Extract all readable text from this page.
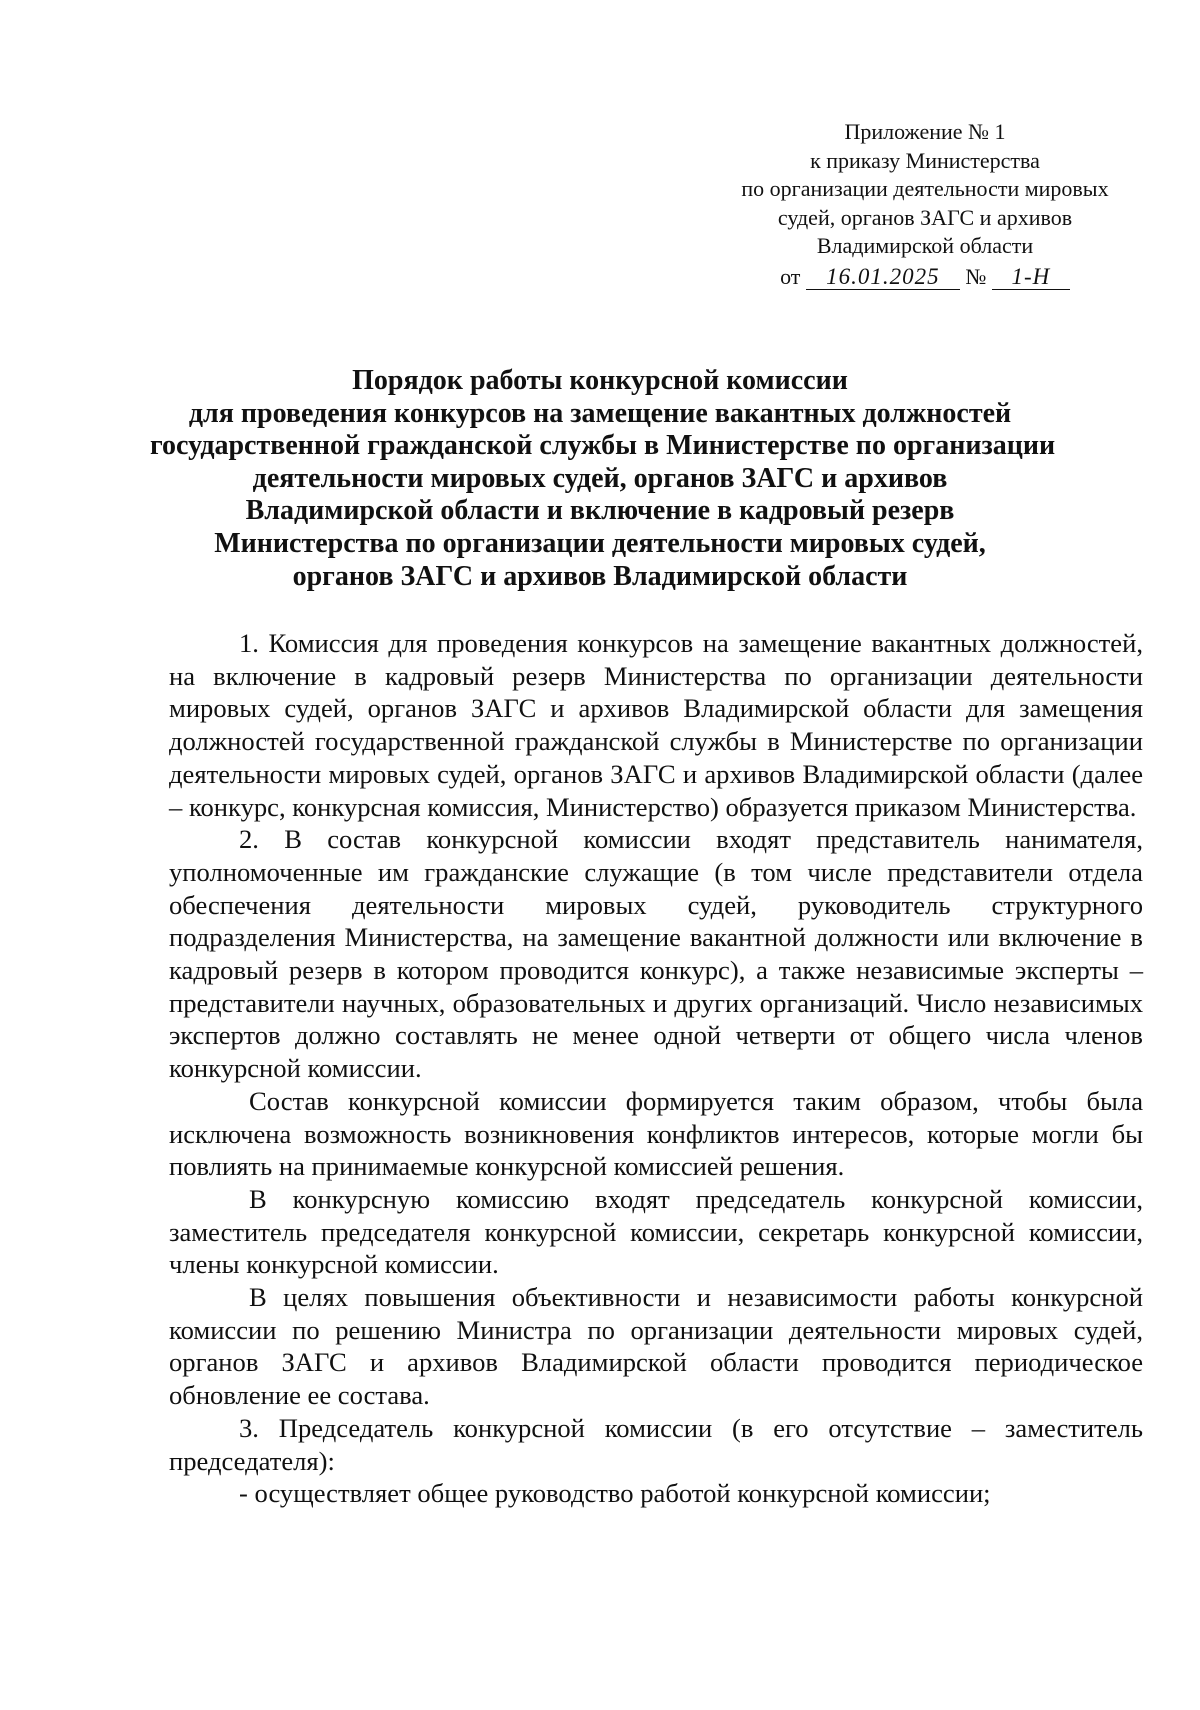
Приложение № 1
к приказу Министерства
по организации деятельности мировых
судей, органов ЗАГС и архивов
Владимирской области
от 16.01.2025 № 1-Н
Порядок работы конкурсной комиссии
для проведения конкурсов на замещение вакантных должностей
государственной гражданской службы в Министерстве по организации
деятельности мировых судей, органов ЗАГС и архивов
Владимирской области и включение в кадровый резерв
Министерства по организации деятельности мировых судей,
органов ЗАГС и архивов Владимирской области

1. Комиссия для проведения конкурсов на замещение вакантных должностей, на включение в кадровый резерв Министерства по организации деятельности мировых судей, органов ЗАГС и архивов Владимирской области для замещения должностей государственной гражданской службы в Министерстве по организации деятельности мировых судей, органов ЗАГС и архивов Владимирской области (далее – конкурс, конкурсная комиссия, Министерство) образуется приказом Министерства.

2. В состав конкурсной комиссии входят представитель нанимателя, уполномоченные им гражданские служащие (в том числе представители отдела обеспечения деятельности мировых судей, руководитель структурного подразделения Министерства, на замещение вакантной должности или включение в кадровый резерв в котором проводится конкурс), а также независимые эксперты – представители научных, образовательных и других организаций. Число независимых экспертов должно составлять не менее одной четверти от общего числа членов конкурсной комиссии.

Состав конкурсной комиссии формируется таким образом, чтобы была исключена возможность возникновения конфликтов интересов, которые могли бы повлиять на принимаемые конкурсной комиссией решения.

В конкурсную комиссию входят председатель конкурсной комиссии, заместитель председателя конкурсной комиссии, секретарь конкурсной комиссии, члены конкурсной комиссии.

В целях повышения объективности и независимости работы конкурсной комиссии по решению Министра по организации деятельности мировых судей, органов ЗАГС и архивов Владимирской области проводится периодическое обновление ее состава.

3. Председатель конкурсной комиссии (в его отсутствие – заместитель председателя):

- осуществляет общее руководство работой конкурсной комиссии;
